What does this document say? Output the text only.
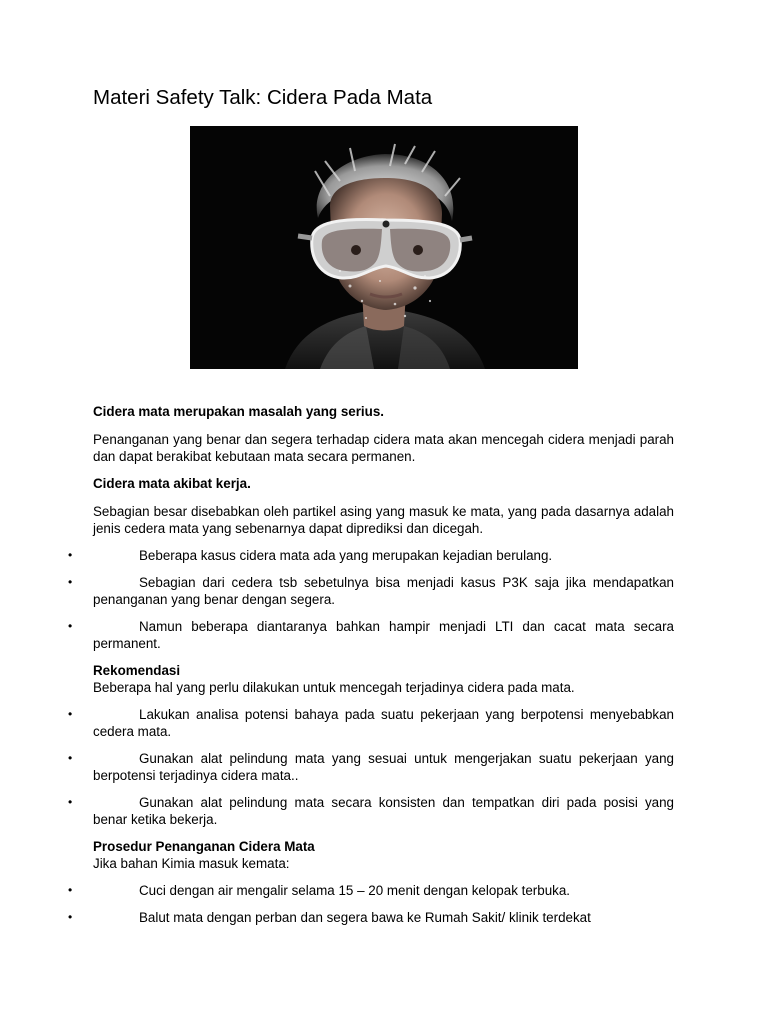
Materi Safety Talk: Cidera Pada Mata

Cidera mata merupakan masalah yang serius.

Penanganan yang benar dan segera terhadap cidera mata akan mencegah cidera menjadi parah dan dapat berakibat kebutaan mata secara permanen.

Cidera mata akibat kerja.

Sebagian besar disebabkan oleh partikel asing yang masuk ke mata, yang pada dasarnya adalah jenis cedera mata yang sebenarnya dapat diprediksi dan dicegah.

•	Beberapa kasus cidera mata ada yang merupakan kejadian berulang.
•	Sebagian dari cedera tsb sebetulnya bisa menjadi kasus P3K saja jika mendapatkan penanganan yang benar dengan segera.
•	Namun beberapa diantaranya bahkan hampir menjadi LTI dan cacat mata secara permanent.

Rekomendasi

Beberapa hal yang perlu dilakukan untuk mencegah terjadinya cidera pada mata.

•	Lakukan analisa potensi bahaya pada suatu pekerjaan yang berpotensi menyebabkan cedera mata.
•	Gunakan alat pelindung mata yang sesuai untuk mengerjakan suatu pekerjaan yang berpotensi terjadinya cidera mata..
•	Gunakan alat pelindung mata secara konsisten dan tempatkan diri pada posisi yang benar ketika bekerja.

Prosedur Penanganan Cidera Mata

Jika bahan Kimia masuk kemata:

•	Cuci dengan air mengalir selama 15 – 20 menit dengan kelopak terbuka.
•	Balut mata dengan perban dan segera bawa ke Rumah Sakit/ klinik terdekat
